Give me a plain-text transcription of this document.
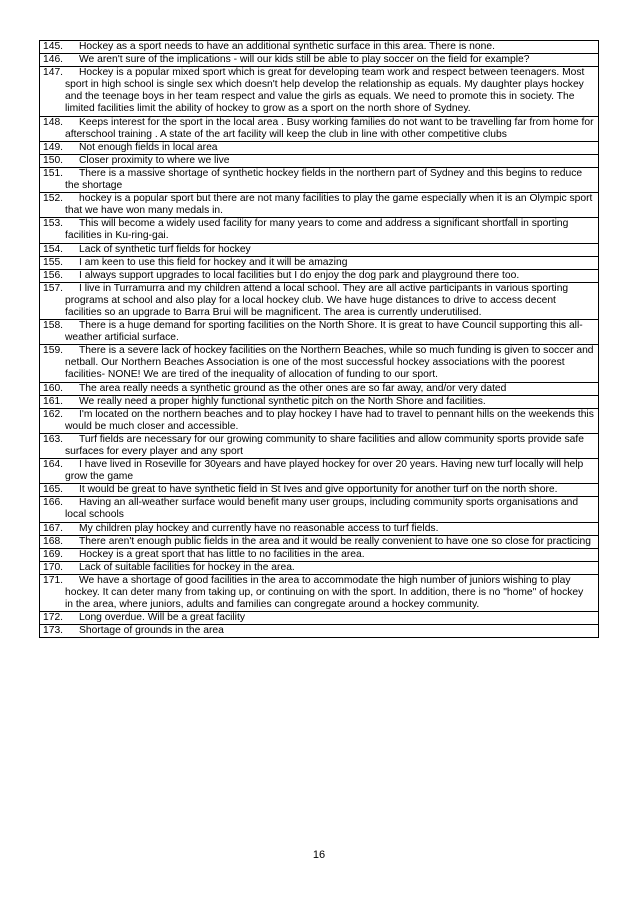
145. Hockey as a sport needs to have an additional synthetic surface in this area. There is none.

146. We aren't sure of the implications - will our kids still be able to play soccer on the field for example?

147. Hockey is a popular mixed sport which is great for developing team work and respect between teenagers. Most sport in high school is single sex which doesn't help develop the relationship as equals. My daughter plays hockey and the teenage boys in her team respect and value the girls as equals. We need to promote this in society. The limited facilities limit the ability of hockey to grow as a sport on the north shore of Sydney.

148. Keeps interest for the sport in the local area . Busy working families do not want to be travelling far from home for afterschool training . A state of the art facility will keep the club in line with other competitive clubs

149. Not enough fields in local area

150. Closer proximity to where we live

151. There is a massive shortage of synthetic hockey fields in the northern part of Sydney and this begins to reduce the shortage

152. hockey is a popular sport but there are not many facilities to play the game especially when it is an Olympic sport that we have won many medals in.

153. This will become a widely used facility for many years to come and address a significant shortfall in sporting facilities in Ku-ring-gai.

154. Lack of synthetic turf fields for hockey

155. I am keen to use this field for hockey and it will be amazing

156. I always support upgrades to local facilities but I do enjoy the dog park and playground there too.

157. I live in Turramurra and my children attend a local school. They are all active participants in various sporting programs at school and also play for a local hockey club. We have huge distances to drive to access decent facilities so an upgrade to Barra Brui will be magnificent. The area is currently underutilised.

158. There is a huge demand for sporting facilities on the North Shore. It is great to have Council supporting this all-weather artificial surface.

159. There is a severe lack of hockey facilities on the Northern Beaches, while so much funding is given to soccer and netball. Our Northern Beaches Association is one of the most successful hockey associations with the poorest facilities- NONE! We are tired of the inequality of allocation of funding to our sport.

160. The area really needs a synthetic ground as the other ones are so far away, and/or very dated

161. We really need a proper highly functional synthetic pitch on the North Shore and facilities.

162. I'm located on the northern beaches and to play hockey I have had to travel to pennant hills on the weekends this would be much closer and accessible.

163. Turf fields are necessary for our growing community to share facilities and allow community sports provide safe surfaces for every player and any sport

164. I have lived in Roseville for 30years and have played hockey for over 20 years. Having new turf locally will help grow the game

165. It would be great to have synthetic field in St Ives and give opportunity for another turf on the north shore.

166. Having an all-weather surface would benefit many user groups, including community sports organisations and local schools

167. My children play hockey and currently have no reasonable access to turf fields.

168. There aren't enough public fields in the area and it would be really convenient to have one so close for practicing

169. Hockey is a great sport that has little to no facilities in the area.

170. Lack of suitable facilities for hockey in the area.

171. We have a shortage of good facilities in the area to accommodate the high number of juniors wishing to play hockey. It can deter many from taking up, or continuing on with the sport. In addition, there is no "home" of hockey in the area, where juniors, adults and families can congregate around a hockey community.

172. Long overdue. Will be a great facility

173. Shortage of grounds in the area
16
